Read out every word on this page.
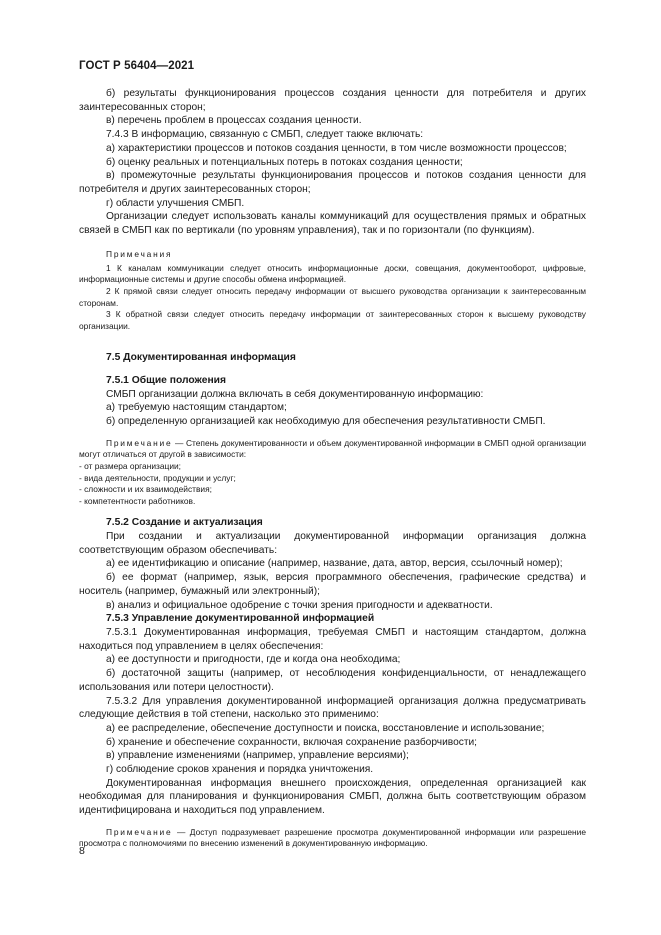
ГОСТ Р 56404—2021

б) результаты функционирования процессов создания ценности для потребителя и других заинтересованных сторон;

в) перечень проблем в процессах создания ценности.

7.4.3 В информацию, связанную с СМБП, следует также включать:

а) характеристики процессов и потоков создания ценности, в том числе возможности процессов;

б) оценку реальных и потенциальных потерь в потоках создания ценности;

в) промежуточные результаты функционирования процессов и потоков создания ценности для потребителя и других заинтересованных сторон;

г) области улучшения СМБП.

Организации следует использовать каналы коммуникаций для осуществления прямых и обратных связей в СМБП как по вертикали (по уровням управления), так и по горизонтали (по функциям).

Примечания

1 К каналам коммуникации следует относить информационные доски, совещания, документооборот, цифровые, информационные системы и другие способы обмена информацией.

2 К прямой связи следует относить передачу информации от высшего руководства организации к заинтересованным сторонам.

3 К обратной связи следует относить передачу информации от заинтересованных сторон к высшему руководству организации.

7.5 Документированная информация
7.5.1 Общие положения

СМБП организации должна включать в себя документированную информацию:

а) требуемую настоящим стандартом;

б) определенную организацией как необходимую для обеспечения результативности СМБП.

Примечание — Степень документированности и объем документированной информации в СМБП одной организации могут отличаться от другой в зависимости:

- от размера организации;
- вида деятельности, продукции и услуг;
- сложности и их взаимодействия;
- компетентности работников.
7.5.2 Создание и актуализация

При создании и актуализации документированной информации организация должна соответствующим образом обеспечивать:

а) ее идентификацию и описание (например, название, дата, автор, версия, ссылочный номер);

б) ее формат (например, язык, версия программного обеспечения, графические средства) и носитель (например, бумажный или электронный);

в) анализ и официальное одобрение с точки зрения пригодности и адекватности.

7.5.3 Управление документированной информацией

7.5.3.1 Документированная информация, требуемая СМБП и настоящим стандартом, должна находиться под управлением в целях обеспечения:

а) ее доступности и пригодности, где и когда она необходима;

б) достаточной защиты (например, от несоблюдения конфиденциальности, от ненадлежащего использования или потери целостности).

7.5.3.2 Для управления документированной информацией организация должна предусматривать следующие действия в той степени, насколько это применимо:

а) ее распределение, обеспечение доступности и поиска, восстановление и использование;

б) хранение и обеспечение сохранности, включая сохранение разборчивости;

в) управление изменениями (например, управление версиями);

г) соблюдение сроков хранения и порядка уничтожения.

Документированная информация внешнего происхождения, определенная организацией как необходимая для планирования и функционирования СМБП, должна быть соответствующим образом идентифицирована и находиться под управлением.

Примечание — Доступ подразумевает разрешение просмотра документированной информации или разрешение просмотра с полномочиями по внесению изменений в документированную информацию.

8
